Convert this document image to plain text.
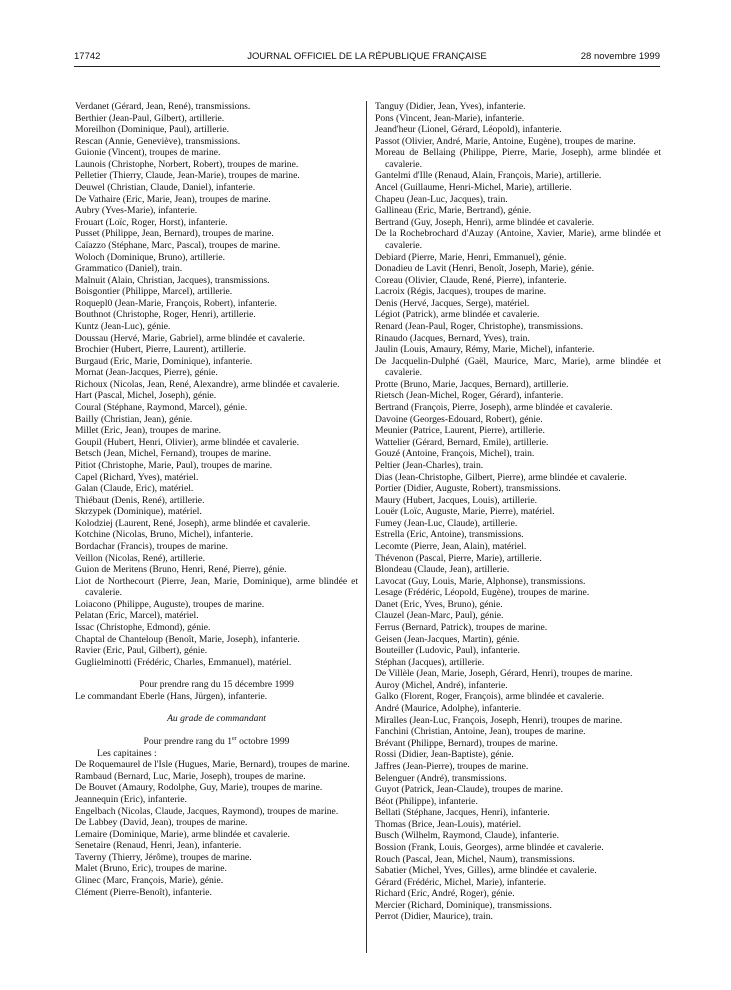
17742	JOURNAL OFFICIEL DE LA RÉPUBLIQUE FRANÇAISE	28 novembre 1999
Verdanet (Gérard, Jean, René), transmissions.
Berthier (Jean-Paul, Gilbert), artillerie.
Moreilhon (Dominique, Paul), artillerie.
Rescan (Annie, Geneviève), transmissions.
Guionie (Vincent), troupes de marine.
Launois (Christophe, Norbert, Robert), troupes de marine.
Pelletier (Thierry, Claude, Jean-Marie), troupes de marine.
Deuwel (Christian, Claude, Daniel), infanterie.
De Vathaire (Eric, Marie, Jean), troupes de marine.
Aubry (Yves-Marie), infanterie.
Frouart (Loïc, Roger, Horst), infanterie.
Pusset (Philippe, Jean, Bernard), troupes de marine.
Caïazzo (Stéphane, Marc, Pascal), troupes de marine.
Woloch (Dominique, Bruno), artillerie.
Grammatico (Daniel), train.
Malnuit (Alain, Christian, Jacques), transmissions.
Boisgontier (Philippe, Marcel), artillerie.
Roquepl0 (Jean-Marie, François, Robert), infanterie.
Bouthnot (Christophe, Roger, Henri), artillerie.
Kuntz (Jean-Luc), génie.
Doussau (Hervé, Marie, Gabriel), arme blindée et cavalerie.
Brochier (Hubert, Pierre, Laurent), artillerie.
Burgaud (Eric, Marie, Dominique), infanterie.
Mornat (Jean-Jacques, Pierre), génie.
Richoux (Nicolas, Jean, René, Alexandre), arme blindée et cavalerie.
Hart (Pascal, Michel, Joseph), génie.
Coural (Stéphane, Raymond, Marcel), génie.
Bailly (Christian, Jean), génie.
Millet (Eric, Jean), troupes de marine.
Goupil (Hubert, Henri, Olivier), arme blindée et cavalerie.
Betsch (Jean, Michel, Fernand), troupes de marine.
Pitiot (Christophe, Marie, Paul), troupes de marine.
Capel (Richard, Yves), matériel.
Galan (Claude, Eric), matériel.
Thiébaut (Denis, René), artillerie.
Skrzypek (Dominique), matériel.
Kolodziej (Laurent, René, Joseph), arme blindée et cavalerie.
Kotchine (Nicolas, Bruno, Michel), infanterie.
Bordachar (Francis), troupes de marine.
Veillon (Nicolas, René), artillerie.
Guion de Meritens (Bruno, Henri, René, Pierre), génie.
Liot de Northecourt (Pierre, Jean, Marie, Dominique), arme blindée et cavalerie.
Loiacono (Philippe, Auguste), troupes de marine.
Pelatan (Eric, Marcel), matériel.
Issac (Christophe, Edmond), génie.
Chaptal de Chanteloup (Benoît, Marie, Joseph), infanterie.
Ravier (Eric, Paul, Gilbert), génie.
Guglielminotti (Frédéric, Charles, Emmanuel), matériel.
Pour prendre rang du 15 décembre 1999
Le commandant Eberle (Hans, Jürgen), infanterie.
Au grade de commandant
Pour prendre rang du 1er octobre 1999
Les capitaines :
De Roquemaurel de l'Isle (Hugues, Marie, Bernard), troupes de marine.
Rambaud (Bernard, Luc, Marie, Joseph), troupes de marine.
De Bouvet (Amaury, Rodolphe, Guy, Marie), troupes de marine.
Jeannequin (Eric), infanterie.
Engelbach (Nicolas, Claude, Jacques, Raymond), troupes de marine.
De Labbey (David, Jean), troupes de marine.
Lemaire (Dominique, Marie), arme blindée et cavalerie.
Senetaire (Renaud, Henri, Jean), infanterie.
Taverny (Thierry, Jérôme), troupes de marine.
Malet (Bruno, Eric), troupes de marine.
Glinec (Marc, François, Marie), génie.
Clément (Pierre-Benoît), infanterie.
Tanguy (Didier, Jean, Yves), infanterie.
Pons (Vincent, Jean-Marie), infanterie.
Jeand'heur (Lionel, Gérard, Léopold), infanterie.
Passot (Olivier, André, Marie, Antoine, Eugène), troupes de marine.
Moreau de Bellaing (Philippe, Pierre, Marie, Joseph), arme blindée et cavalerie.
Gantelmi d'Ille (Renaud, Alain, François, Marie), artillerie.
Ancel (Guillaume, Henri-Michel, Marie), artillerie.
Chapeu (Jean-Luc, Jacques), train.
Gallineau (Eric, Marie, Bertrand), génie.
Bertrand (Guy, Joseph, Henri), arme blindée et cavalerie.
De la Rochebrochard d'Auzay (Antoine, Xavier, Marie), arme blindée et cavalerie.
Debiard (Pierre, Marie, Henri, Emmanuel), génie.
Donadieu de Lavit (Henri, Benoît, Joseph, Marie), génie.
Coreau (Olivier, Claude, René, Pierre), infanterie.
Lacroix (Régis, Jacques), troupes de marine.
Denis (Hervé, Jacques, Serge), matériel.
Légiot (Patrick), arme blindée et cavalerie.
Renard (Jean-Paul, Roger, Christophe), transmissions.
Rinaudo (Jacques, Bernard, Yves), train.
Jaulin (Louis, Amaury, Rémy, Marie, Michel), infanterie.
De Jacquelin-Dulphé (Gaël, Maurice, Marc, Marie), arme blindée et cavalerie.
Protte (Bruno, Marie, Jacques, Bernard), artillerie.
Rietsch (Jean-Michel, Roger, Gérard), infanterie.
Bertrand (François, Pierre, Joseph), arme blindée et cavalerie.
Davoine (Georges-Edouard, Robert), génie.
Meunier (Patrice, Laurent, Pierre), artillerie.
Wattelier (Gérard, Bernard, Emile), artillerie.
Gouzé (Antoine, François, Michel), train.
Peltier (Jean-Charles), train.
Dias (Jean-Christophe, Gilbert, Pierre), arme blindée et cavalerie.
Portier (Didier, Auguste, Robert), transmissions.
Maury (Hubert, Jacques, Louis), artillerie.
Louër (Loïc, Auguste, Marie, Pierre), matériel.
Fumey (Jean-Luc, Claude), artillerie.
Estrella (Eric, Antoine), transmissions.
Lecomte (Pierre, Jean, Alain), matériel.
Thévenon (Pascal, Pierre, Marie), artillerie.
Blondeau (Claude, Jean), artillerie.
Lavocat (Guy, Louis, Marie, Alphonse), transmissions.
Lesage (Frédéric, Léopold, Eugène), troupes de marine.
Danet (Eric, Yves, Bruno), génie.
Clauzel (Jean-Marc, Paul), génie.
Ferrus (Bernard, Patrick), troupes de marine.
Geisen (Jean-Jacques, Martin), génie.
Bouteiller (Ludovic, Paul), infanterie.
Stéphan (Jacques), artillerie.
De Villèle (Jean, Marie, Joseph, Gérard, Henri), troupes de marine.
Auroy (Michel, André), infanterie.
Galko (Florent, Roger, François), arme blindée et cavalerie.
André (Maurice, Adolphe), infanterie.
Miralles (Jean-Luc, François, Joseph, Henri), troupes de marine.
Fanchini (Christian, Antoine, Jean), troupes de marine.
Brévant (Philippe, Bernard), troupes de marine.
Rossi (Didier, Jean-Baptiste), génie.
Jaffres (Jean-Pierre), troupes de marine.
Belenguer (André), transmissions.
Guyot (Patrick, Jean-Claude), troupes de marine.
Béot (Philippe), infanterie.
Bellati (Stéphane, Jacques, Henri), infanterie.
Thomas (Brice, Jean-Louis), matériel.
Busch (Wilhelm, Raymond, Claude), infanterie.
Bossion (Frank, Louis, Georges), arme blindée et cavalerie.
Rouch (Pascal, Jean, Michel, Naum), transmissions.
Sabatier (Michel, Yves, Gilles), arme blindée et cavalerie.
Gérard (Frédéric, Michel, Marie), infanterie.
Richard (Eric, André, Roger), génie.
Mercier (Richard, Dominique), transmissions.
Perrot (Didier, Maurice), train.
